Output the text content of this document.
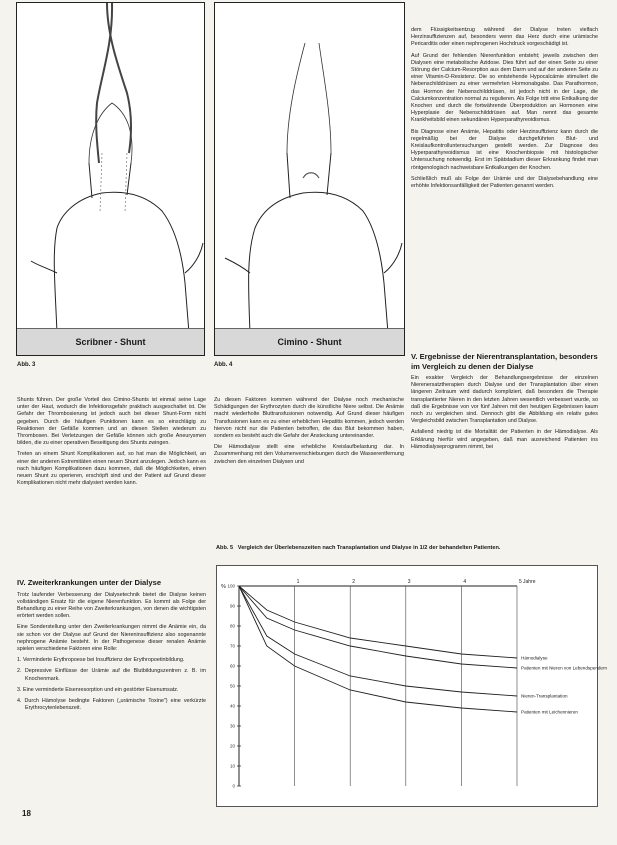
Scribner - Shunt	Cimino - Shunt
Abb. 3	Abb. 4

Shunts führen. Der große Vorteil des Cimino-Shunts ist einmal seine Lage unter der Haut, wodurch die Infektionsgefahr praktisch ausgeschaltet ist. Die Gefahr der Thrombosierung ist jedoch auch bei dieser Shunt-Form nicht gegeben. Durch die häufigen Punktionen kann es so einschlägig zu Reaktionen der Gefäße kommen und an diesen Stellen wiederum zu Thrombosen. Bei Verletzungen der Gefäße können sich große Aneurysmen bilden, die zu einer operativen Beseitigung des Shunts zwingen.

Treten an einem Shunt Komplikationen auf, so hat man die Möglichkeit, an einer der anderen Extremitäten einen neuen Shunt anzulegen. Jedoch kann es nach häufigen Komplikationen dazu kommen, daß die Möglichkeiten, einen neuen Shunt zu operieren, erschöpft sind und der Patient auf Grund dieser Komplikationen nicht mehr dialysiert werden kann.

Zu diesen Faktoren kommen während der Dialyse noch mechanische Schädigungen der Erythrozyten durch die künstliche Niere selbst. Die Anämie macht wiederholte Bluttransfusionen notwendig. Auf Grund dieser häufigen Transfusionen kann es zu einer erheblichen Hepatitis kommen, jedoch werden hiervon nicht nur die Patienten betroffen, die das Blut bekommen haben, sondern es besteht auch die Gefahr der Ansteckung untereinander.

Die Hämodialyse stellt eine erhebliche Kreislaufbelastung dar. In Zusammenhang mit den Volumenverschiebungen durch die Wasserentfernung zwischen den einzelnen Dialysen und

dem Flüssigkeitsentzug während der Dialyse treten vielfach Herzinsuffizienzen auf, besonders wenn das Herz durch eine urämische Pericarditis oder einen nephrogenen Hochdruck vorgeschädigt ist.

Auf Grund der fehlenden Nierenfunktion entsteht; jeweils zwischen den Dialysen eine metabolische Azidose. Dies führt auf der einen Seite zu einer Störung der Calcium-Resorption aus dem Darm und auf der anderen Seite zu einer Vitamin-D-Resistenz. Die so entstehende Hypocalcämie stimuliert die Nebenschilddrüsen zu einer vermehrten Hormonabgabe. Das Parathormon, das Hormon der Nebenschilddrüsen, ist jedoch nicht in der Lage, die Calciumkonzentration normal zu regulieren. Als Folge tritt eine Entkalkung der Knochen und durch die fortwährende Überproduktion an Hormonen eine Hyperplasie der Nebenschilddrüsen auf. Man nennt das gesamte Krankheitsbild einen sekundären Hyperparathyreoidismus.

Bis Diagnose einer Anämie, Hepatitis oder Herzinsuffizienz kann durch die regelmäßig bei der Dialyse durchgeführten Blut- und Kreislaufkontrolluntersuchungen gestellt werden. Zur Diagnose des Hyperparathyreoidismus ist eine Knochenbiopsie mit histologischer Untersuchung notwendig. Erst im Spätstadium dieser Erkrankung findet man röntgenologisch nachweisbare Entkalkungen der Knochen.

Schließlich muß als Folge der Urämie und der Dialysebehandlung eine erhöhte Infektionsanfälligkeit der Patienten genannt werden.

V. Ergebnisse der Nierentransplantation, besonders im Vergleich zu denen der Dialyse

Ein exakter Vergleich der Behandlungsergebnisse der einzelnen Nierenersatztherapien durch Dialyse und der Transplantation über einen längeren Zeitraum wird dadurch kompliziert, daß besonders die Therapie transplantierter Nieren in den letzten Jahren wesentlich verbessert wurde, so daß die Ergebnisse von vor fünf Jahren mit den heutigen Ergebnissen kaum noch zu vergleichen sind. Dennoch gibt die Abbildung ein relativ gutes Vergleichsbild zwischen Transplantation und Dialyse.

Aufallend niedrig ist die Mortalität der Patienten in der Hämodialyse. Als Erklärung hierfür wird angegeben, daß man ausreichend Patienten ins Hämodialyseprogramm nimmt, bei

Abb. 5 Vergleich der Überlebenszeiten nach Transplantation und Dialyse in 1/2 der behandelten Patienten.
IV. Zweiterkrankungen unter der Dialyse

Trotz laufender Verbesserung der Dialysetechnik bietet die Dialyse keinen vollständigen Ersatz für die eigene Nierenfunktion. Es kommt als Folge der Behandlung zu einer Reihe von Zweiterkrankungen, von denen die wichtigsten erörtert werden sollen.

Eine Sonderstellung unter den Zweiterkrankungen nimmt die Anämie ein, da sie schon vor der Dialyse auf Grund der Niereninsuffizienz also sogenannte nephrogene Anämie besteht. In der Pathogenese dieser renalen Anämie spielen verschiedene Faktoren eine Rolle:

1. Verminderte Erythropoese bei Insuffizienz der Erythropoetinbildung.

2. Depressive Einflüsse der Urämie auf die Blutbildungszentren z. B. im Knochenmark.

3. Eine verminderte Eisenresorption und ein gestörter Eisenumsatz.

4. Durch Hämolyse bedingte Faktoren („urämische Toxine") eine verkürzte Erythrocytenlebenszeit.

100
90
80
70
60
50
40
30
20
10
0
%
1	2	3	4	5 Jahre
Hämodialyse
Patienten mit Nieren von Lebendspendern
Nieren-Transplantation
Patienten mit Leichennieren
18
